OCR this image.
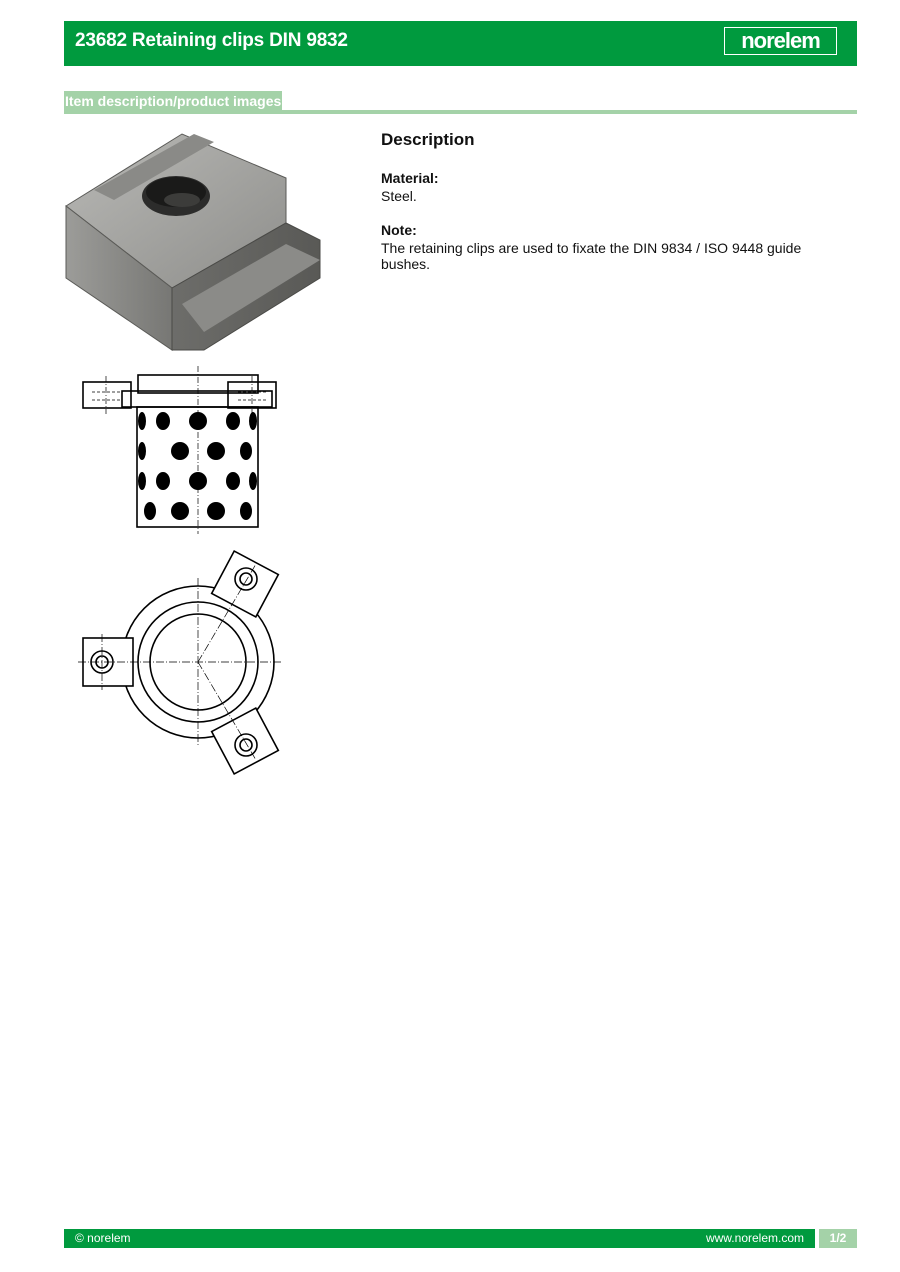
23682 Retaining clips DIN 9832	norelem
Item description/product images

Description

Material:

Steel.

Note:

The retaining clips are used to fixate the DIN 9834 / ISO 9448 guide bushes.

© norelem	www.norelem.com	1/2
